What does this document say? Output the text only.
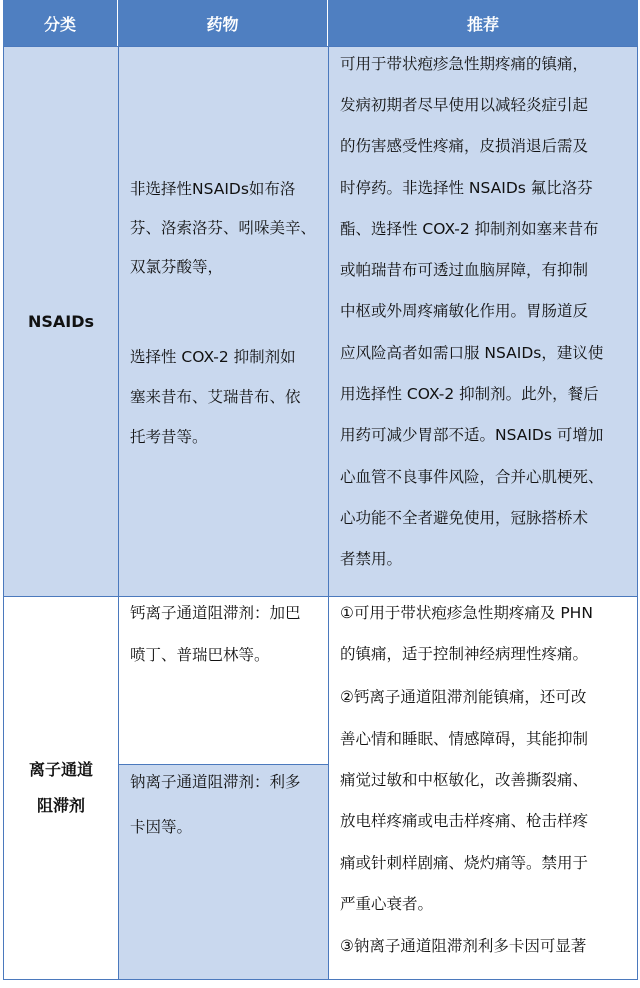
分类	药物	推荐
NSAIDs
非选择性NSAIDs如布洛
芬、洛索洛芬、吲哚美辛、
双氯芬酸等，
选择性 COX-2 抑制剂如
塞来昔布、艾瑞昔布、依
托考昔等。
可用于带状疱疹急性期疼痛的镇痛，
发病初期者尽早使用以减轻炎症引起
的伤害感受性疼痛，皮损消退后需及
时停药。非选择性 NSAIDs 氟比洛芬
酯、选择性 COX-2 抑制剂如塞来昔布
或帕瑞昔布可透过血脑屏障，有抑制
中枢或外周疼痛敏化作用。胃肠道反
应风险高者如需口服 NSAIDs，建议使
用选择性 COX-2 抑制剂。此外，餐后
用药可减少胃部不适。NSAIDs 可增加
心血管不良事件风险，合并心肌梗死、
心功能不全者避免使用，冠脉搭桥术
者禁用。
离子通道
阻滞剂
钙离子通道阻滞剂：加巴
喷丁、普瑞巴林等。
钠离子通道阻滞剂：利多
卡因等。
①可用于带状疱疹急性期疼痛及 PHN
的镇痛，适于控制神经病理性疼痛。
②钙离子通道阻滞剂能镇痛，还可改
善心情和睡眠、情感障碍，其能抑制
痛觉过敏和中枢敏化，改善撕裂痛、
放电样疼痛或电击样疼痛、枪击样疼
痛或针刺样剧痛、烧灼痛等。禁用于
严重心衰者。
③钠离子通道阻滞剂利多卡因可显著
